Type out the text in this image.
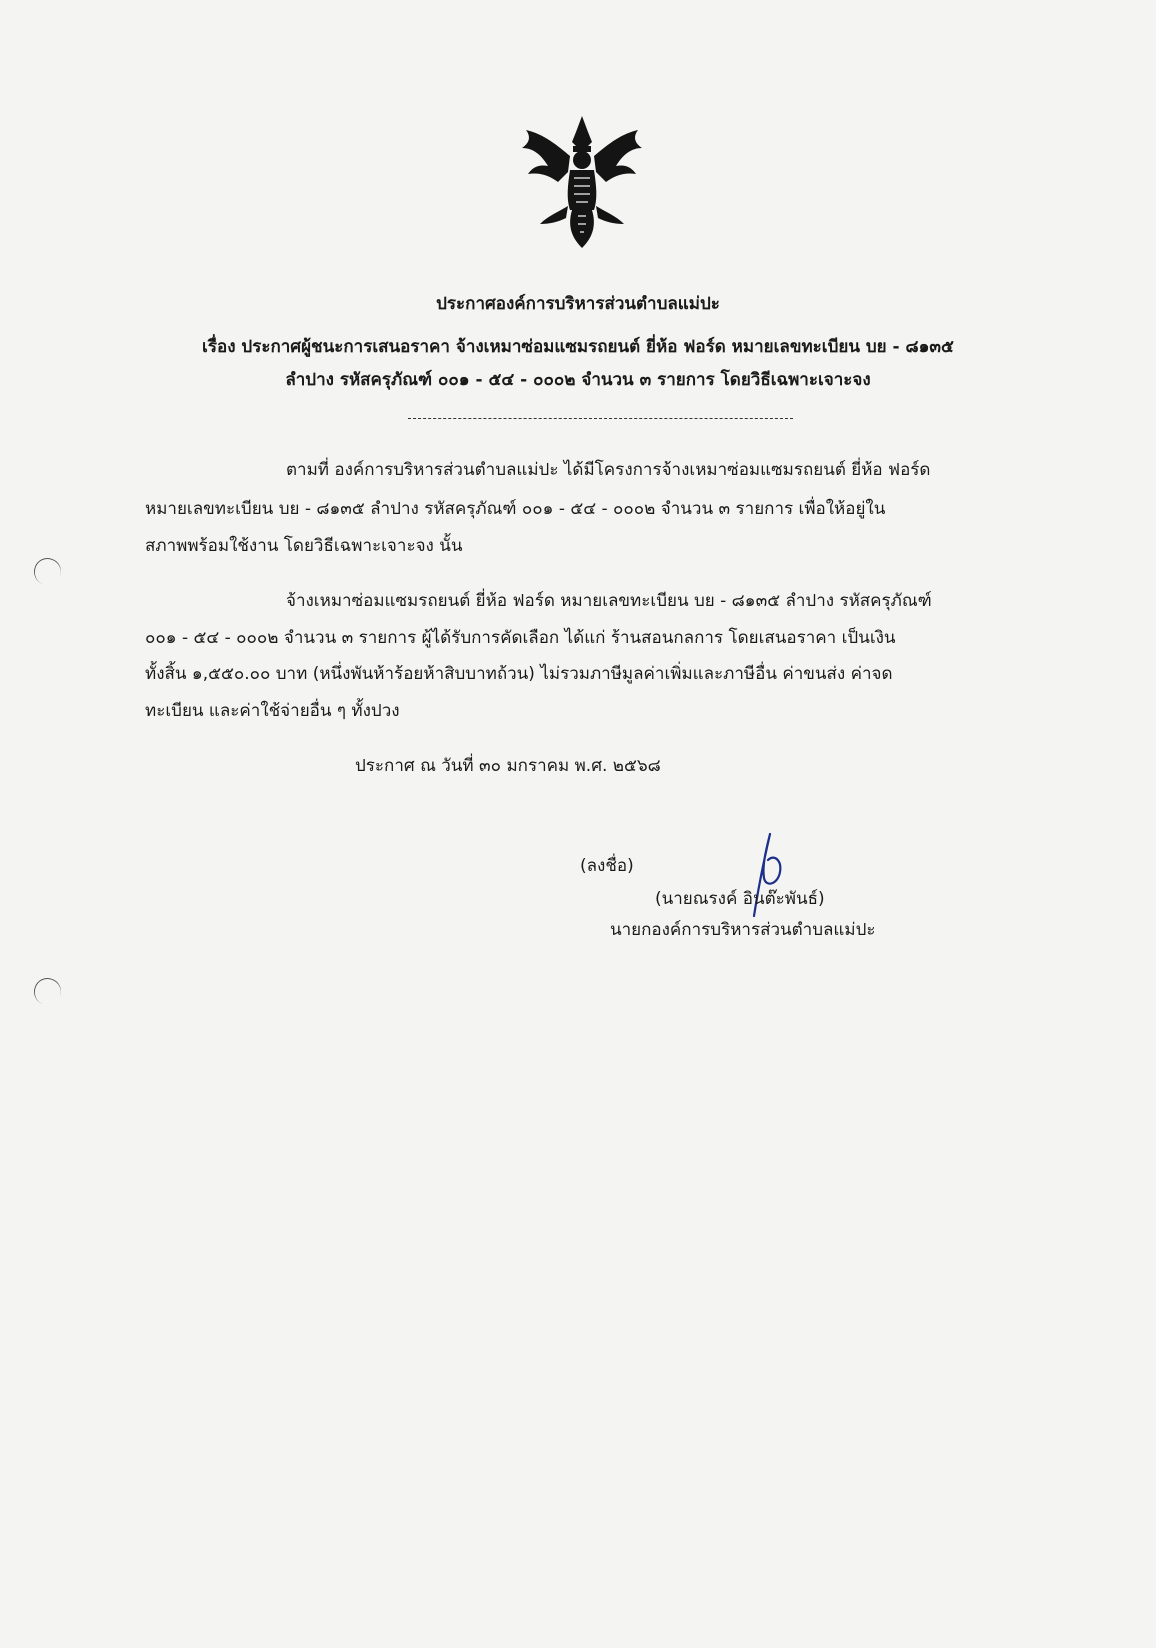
ประกาศองค์การบริหารส่วนตำบลแม่ปะ
เรื่อง ประกาศผู้ชนะการเสนอราคา จ้างเหมาซ่อมแซมรถยนต์ ยี่ห้อ ฟอร์ด หมายเลขทะเบียน บย - ๘๑๓๕
ลำปาง รหัสครุภัณฑ์ ๐๐๑ - ๕๔ - ๐๐๐๒ จำนวน ๓ รายการ โดยวิธีเฉพาะเจาะจง
ตามที่ องค์การบริหารส่วนตำบลแม่ปะ ได้มีโครงการจ้างเหมาซ่อมแซมรถยนต์ ยี่ห้อ ฟอร์ด
หมายเลขทะเบียน บย - ๘๑๓๕ ลำปาง รหัสครุภัณฑ์ ๐๐๑ - ๕๔ - ๐๐๐๒ จำนวน ๓ รายการ เพื่อให้อยู่ใน
สภาพพร้อมใช้งาน โดยวิธีเฉพาะเจาะจง นั้น
จ้างเหมาซ่อมแซมรถยนต์ ยี่ห้อ ฟอร์ด หมายเลขทะเบียน บย - ๘๑๓๕ ลำปาง รหัสครุภัณฑ์
๐๐๑ - ๕๔ - ๐๐๐๒ จำนวน ๓ รายการ ผู้ได้รับการคัดเลือก ได้แก่ ร้านสอนกลการ โดยเสนอราคา เป็นเงิน
ทั้งสิ้น ๑,๕๕๐.๐๐ บาท (หนึ่งพันห้าร้อยห้าสิบบาทถ้วน) ไม่รวมภาษีมูลค่าเพิ่มและภาษีอื่น ค่าขนส่ง ค่าจด
ทะเบียน และค่าใช้จ่ายอื่น ๆ ทั้งปวง
ประกาศ ณ วันที่ ๓๐ มกราคม พ.ศ. ๒๕๖๘
(ลงชื่อ)
(นายณรงค์ อินต๊ะพันธ์)
นายกองค์การบริหารส่วนตำบลแม่ปะ
